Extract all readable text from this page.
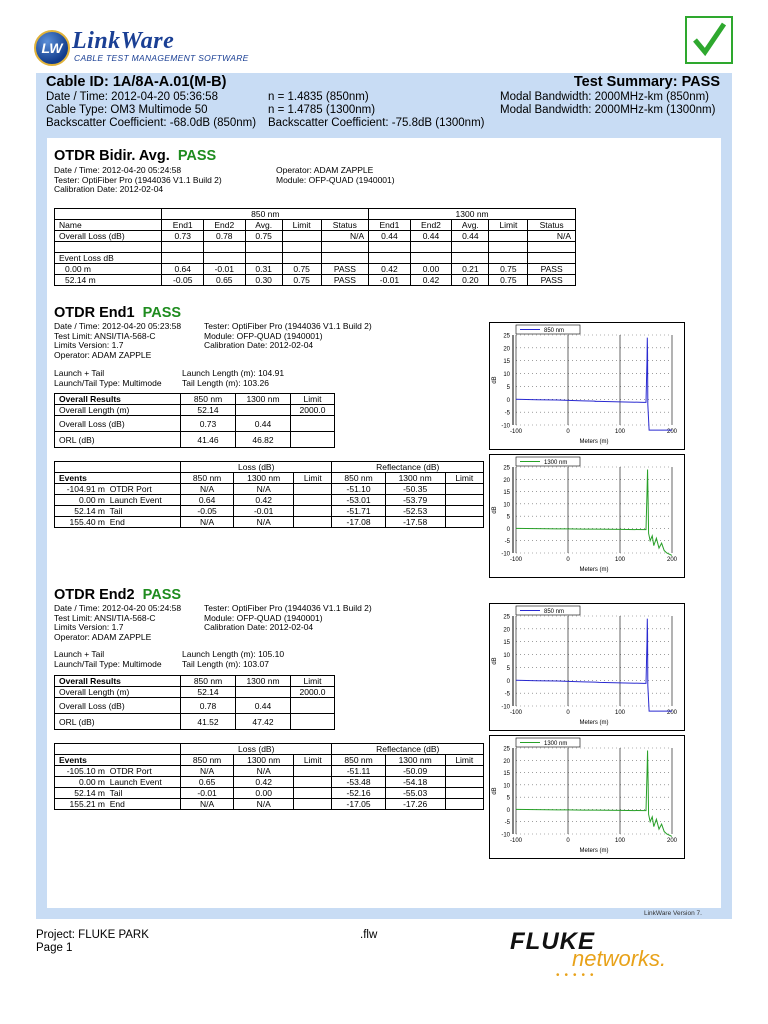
LW LinkWare
CABLE TEST MANAGEMENT SOFTWARE
Cable ID: 1A/8A-A.01(M-B)	Test Summary: PASS
Date / Time: 2012-04-20 05:36:58
Cable Type: OM3 Multimode 50
Backscatter Coefficient: -68.0dB (850nm)
n = 1.4835 (850nm)
n = 1.4785 (1300nm)
Backscatter Coefficient: -75.8dB (1300nm)
Modal Bandwidth: 2000MHz-km (850nm)
Modal Bandwidth: 2000MHz-km (1300nm)
OTDR Bidir. Avg. PASS
Date / Time: 2012-04-20 05:24:58
Tester: OptiFiber Pro (1944036 V1.1 Build 2)
Calibration Date: 2012-02-04
Operator: ADAM ZAPPLE
Module: OFP-QUAD (1940001)
	850 nm					1300 nm				
Name	End1	End2	Avg.	Limit	Status	End1	End2	Avg.	Limit	Status
Overall Loss (dB)	0.73	0.78	0.75		N/A	0.44	0.44	0.44		N/A

Event Loss dB										
0.00 m	0.64	-0.01	0.31	0.75	PASS	0.42	0.00	0.21	0.75	PASS
52.14 m	-0.05	0.65	0.30	0.75	PASS	-0.01	0.42	0.20	0.75	PASS
OTDR End1 PASS
Date / Time: 2012-04-20 05:23:58
Test Limit: ANSI/TIA-568-C
Limits Version: 1.7
Operator: ADAM ZAPPLE
Tester: OptiFiber Pro (1944036 V1.1 Build 2)
Module: OFP-QUAD (1940001)
Calibration Date: 2012-02-04
Launch + Tail
Launch/Tail Type: Multimode
Launch Length (m): 104.91
Tail Length (m): 103.26
Overall Results	850 nm	1300 nm	Limit
Overall Length (m)	52.14		2000.0
Overall Loss (dB)	0.73	0.44	
ORL (dB)	41.46	46.82	
	Loss (dB)			Reflectance (dB)		
Events	850 nm	1300 nm	Limit	850 nm	1300 nm	Limit
-104.91 m OTDR Port	N/A	N/A		-51.10	-50.35	
0.00 m Launch Event	0.64	0.42		-53.01	-53.79	
52.14 m Tail	-0.05	-0.01		-51.71	-52.53	
155.40 m End	N/A	N/A		-17.08	-17.58	
OTDR End2 PASS
Date / Time: 2012-04-20 05:24:58
Test Limit: ANSI/TIA-568-C
Limits Version: 1.7
Operator: ADAM ZAPPLE
Tester: OptiFiber Pro (1944036 V1.1 Build 2)
Module: OFP-QUAD (1940001)
Calibration Date: 2012-02-04
Launch + Tail
Launch/Tail Type: Multimode
Launch Length (m): 105.10
Tail Length (m): 103.07
Overall Results	850 nm	1300 nm	Limit
Overall Length (m)	52.14		2000.0
Overall Loss (dB)	0.78	0.44	
ORL (dB)	41.52	47.42	
	Loss (dB)			Reflectance (dB)		
Events	850 nm	1300 nm	Limit	850 nm	1300 nm	Limit
-105.10 m OTDR Port	N/A	N/A		-51.11	-50.09	
0.00 m Launch Event	0.65	0.42		-53.48	-54.18	
52.14 m Tail	-0.01	0.00		-52.16	-55.03	
155.21 m End	N/A	N/A		-17.05	-17.26	
25
20
15
10
5
0
-5
-10
-100	0	100	200
Meters (m)
dB
850 nm
25
20
15
10
5
0
-5
-10
-100	0	100	200
Meters (m)
dB
1300 nm
25
20
15
10
5
0
-5
-10
-100	0	100	200
Meters (m)
dB
850 nm
25
20
15
10
5
0
-5
-10
-100	0	100	200
Meters (m)
dB
1300 nm
LinkWare Version 7.
Project: FLUKE PARK
Page 1
.flw	FLUKE
networks.
•••••
